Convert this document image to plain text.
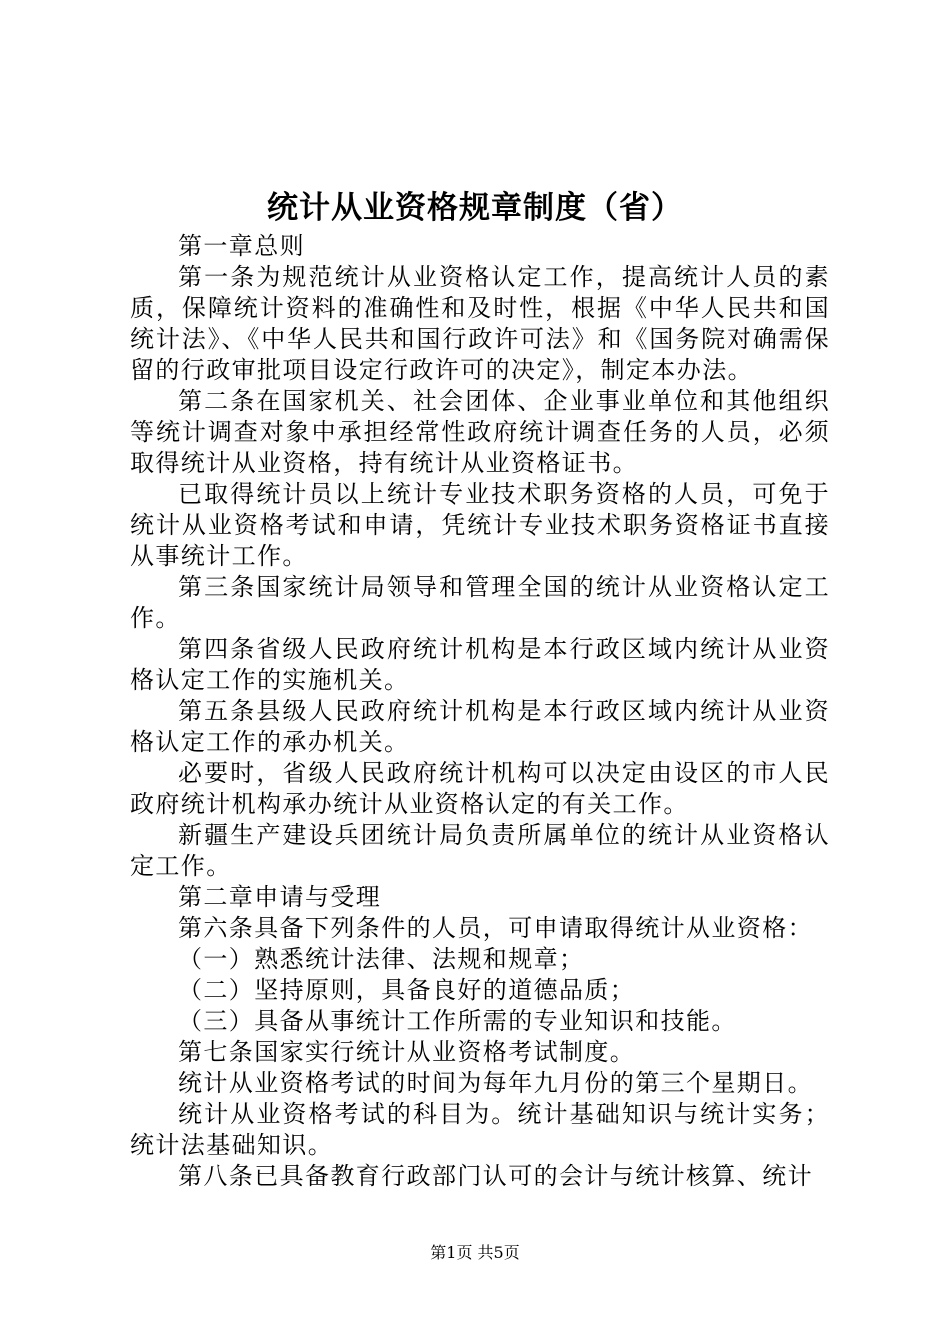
统计从业资格规章制度（省）

第一章总则

第一条为规范统计从业资格认定工作，提高统计人员的素质，保障统计资料的准确性和及时性，根据《中华人民共和国统计法》、《中华人民共和国行政许可法》和《国务院对确需保留的行政审批项目设定行政许可的决定》，制定本办法。

第二条在国家机关、社会团体、企业事业单位和其他组织等统计调查对象中承担经常性政府统计调查任务的人员，必须取得统计从业资格，持有统计从业资格证书。

已取得统计员以上统计专业技术职务资格的人员，可免于统计从业资格考试和申请，凭统计专业技术职务资格证书直接从事统计工作。

第三条国家统计局领导和管理全国的统计从业资格认定工作。

第四条省级人民政府统计机构是本行政区域内统计从业资格认定工作的实施机关。

第五条县级人民政府统计机构是本行政区域内统计从业资格认定工作的承办机关。

必要时，省级人民政府统计机构可以决定由设区的市人民政府统计机构承办统计从业资格认定的有关工作。

新疆生产建设兵团统计局负责所属单位的统计从业资格认定工作。

第二章申请与受理

第六条具备下列条件的人员，可申请取得统计从业资格：

（一）熟悉统计法律、法规和规章；

（二）坚持原则，具备良好的道德品质；

（三）具备从事统计工作所需的专业知识和技能。

第七条国家实行统计从业资格考试制度。

统计从业资格考试的时间为每年九月份的第三个星期日。

统计从业资格考试的科目为。统计基础知识与统计实务；统计法基础知识。

第八条已具备教育行政部门认可的会计与统计核算、统计

第1页 共5页
